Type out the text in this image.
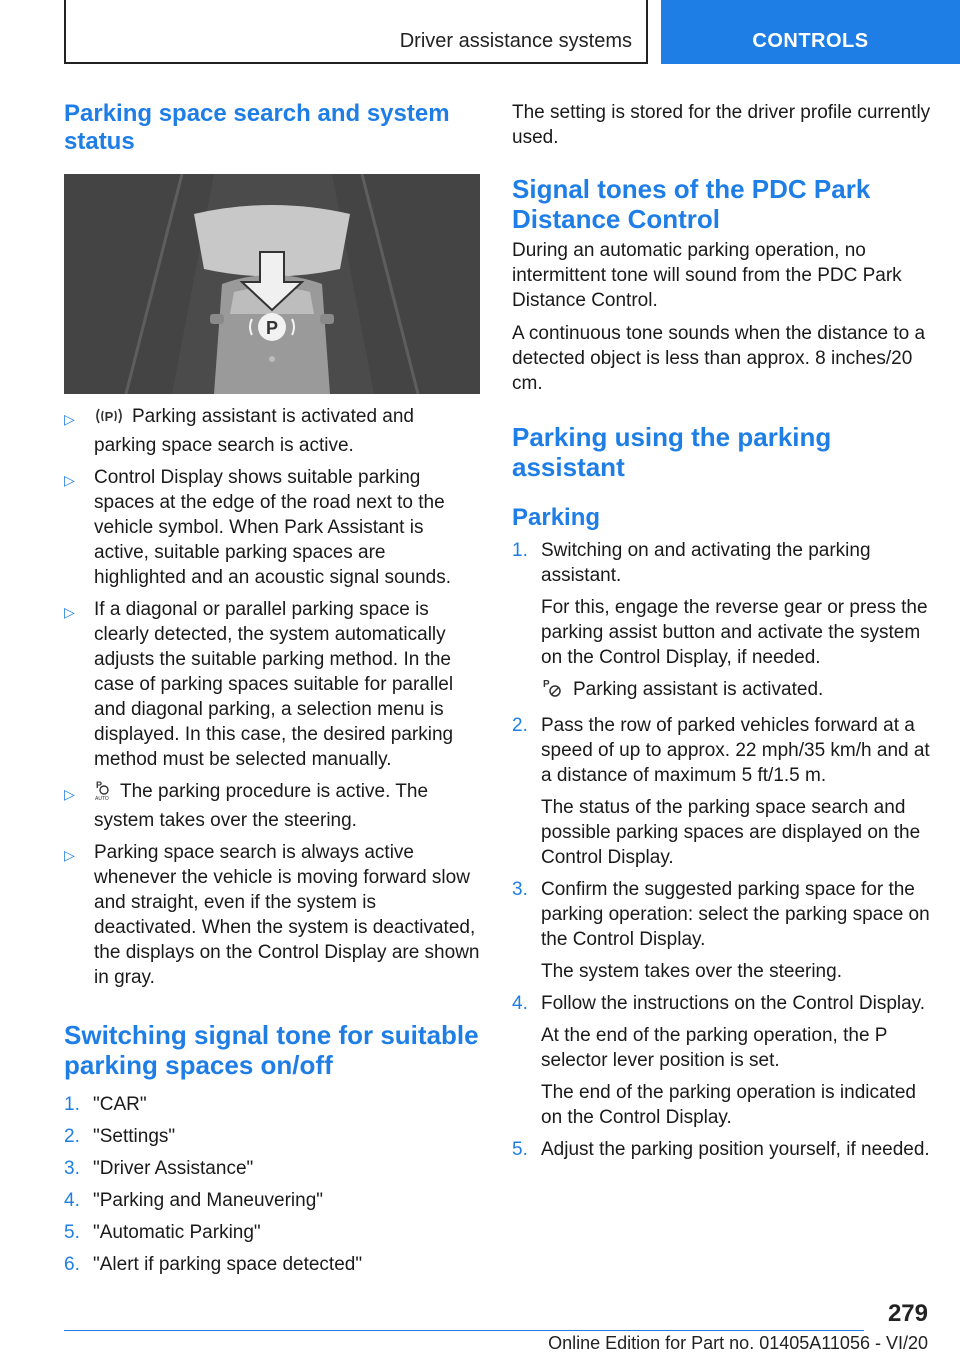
Driver assistance systems	CONTROLS
Parking space search and system status
P
▷ P Parking assistant is activated and parking space search is active.
▷ Control Display shows suitable parking spaces at the edge of the road next to the vehicle symbol. When Park Assistant is active, suitable parking spaces are highlighted and an acoustic signal sounds.
▷ If a diagonal or parallel parking space is clearly detected, the system automatically adjusts the suitable parking method. In the case of parking spaces suitable for parallel and diagonal parking, a selection menu is displayed. In this case, the desired parking method must be selected manually.
▷
P
AUTO The parking procedure is active. The system takes over the steering.
▷ Parking space search is always active whenever the vehicle is moving forward slow and straight, even if the system is deactivated. When the system is deactivated, the displays on the Control Display are shown in gray.
Switching signal tone for suitable parking spaces on/off
1. "CAR"
2. "Settings"
3. "Driver Assistance"
4. "Parking and Maneuvering"
5. "Automatic Parking"
6. "Alert if parking space detected"

The setting is stored for the driver profile currently used.

Signal tones of the PDC Park Distance Control

During an automatic parking operation, no intermittent tone will sound from the PDC Park Distance Control.

A continuous tone sounds when the distance to a detected object is less than approx. 8 inches/20 cm.

Parking using the parking assistant
Parking
1. Switching on and activating the parking assistant.

For this, engage the reverse gear or press the parking assist button and activate the system on the Control Display, if needed.

P Parking assistant is activated.

2. Pass the row of parked vehicles forward at a speed of up to approx. 22 mph/35 km/h and at a distance of maximum 5 ft/1.5 m.

The status of the parking space search and possible parking spaces are displayed on the Control Display.

3. Confirm the suggested parking space for the parking operation: select the parking space on the Control Display.

The system takes over the steering.

4. Follow the instructions on the Control Display.

At the end of the parking operation, the P selector lever position is set.

The end of the parking operation is indicated on the Control Display.

5. Adjust the parking position yourself, if needed.
279
Online Edition for Part no. 01405A11056 - VI/20
